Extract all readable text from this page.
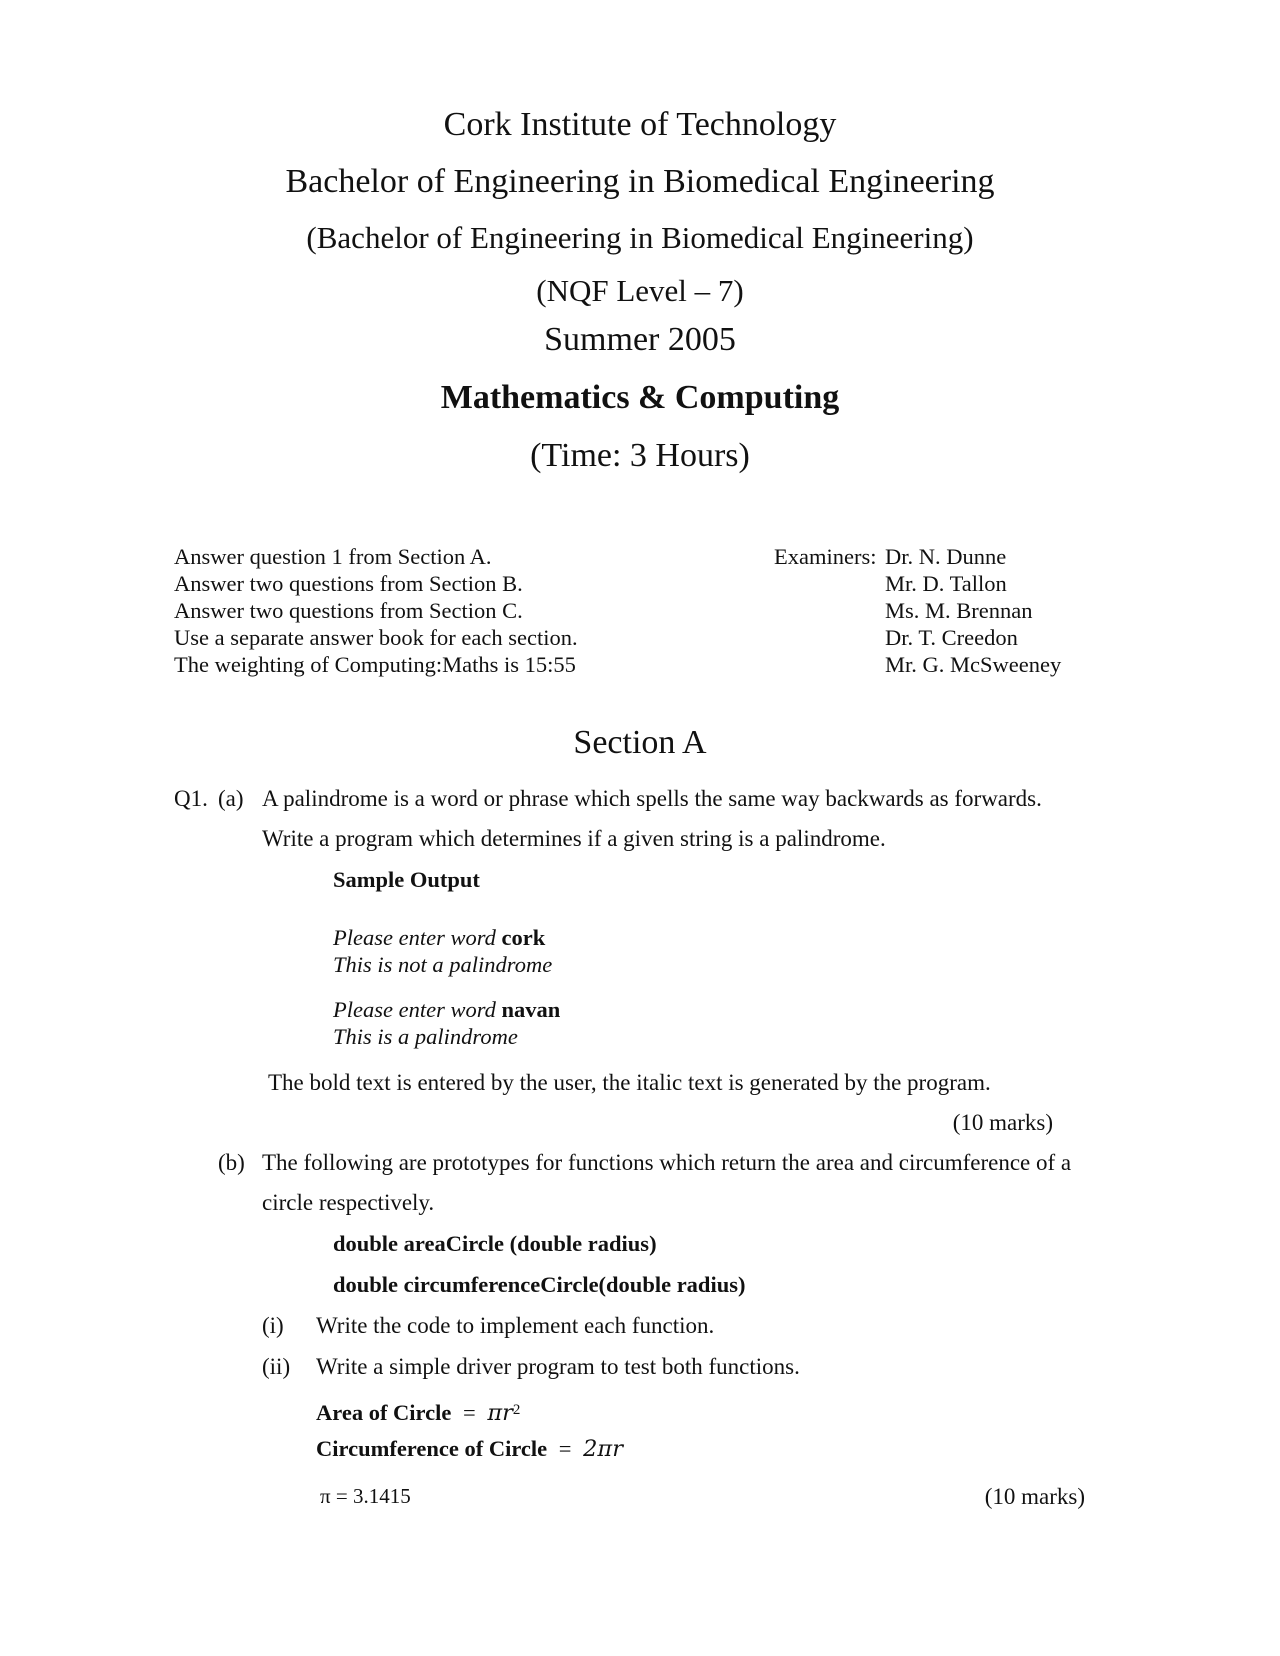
Cork Institute of Technology
Bachelor of Engineering in Biomedical Engineering
(Bachelor of Engineering in Biomedical Engineering)
(NQF Level – 7)
Summer 2005
Mathematics & Computing
(Time: 3 Hours)
Answer question 1 from Section A.
Answer two questions from Section B.
Answer two questions from Section C.
Use a separate answer book for each section.
The weighting of Computing:Maths is 15:55
Examiners: Dr. N. Dunne
Mr. D. Tallon
Ms. M. Brennan
Dr. T. Creedon
Mr. G. McSweeney
Section A
Q1. (a) A palindrome is a word or phrase which spells the same way backwards as forwards.
Write a program which determines if a given string is a palindrome.
Sample Output
Please enter word cork
This is not a palindrome
Please enter word navan
This is a palindrome
The bold text is entered by the user, the italic text is generated by the program.
(10 marks)
(b) The following are prototypes for functions which return the area and circumference of a
circle respectively.
double areaCircle (double radius)
double circumferenceCircle(double radius)
(i) Write the code to implement each function.
(ii) Write a simple driver program to test both functions.
Area of Circle = $\pi r^2$
Circumference of Circle = 2πr
π = 3.1415	(10 marks)
